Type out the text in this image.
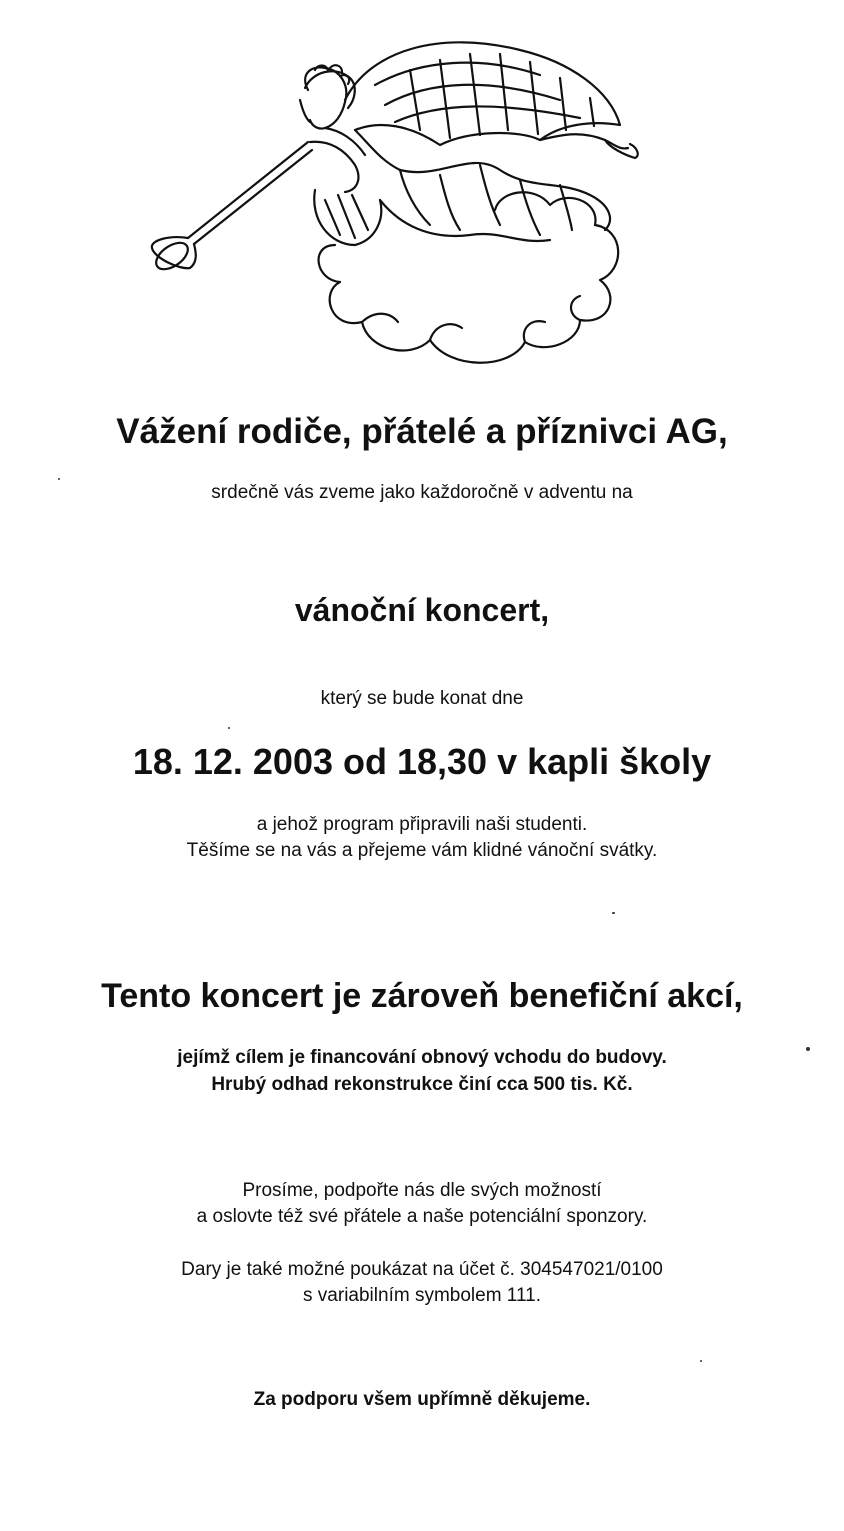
Vážení rodiče, přátelé a příznivci AG,

srdečně vás zveme jako každoročně v adventu na

vánoční koncert,

který se bude konat dne

18. 12. 2003 od 18,30 v kapli školy

a jehož program připravili naši studenti.

Těšíme se na vás a přejeme vám klidné vánoční svátky.

Tento koncert je zároveň benefiční akcí,

jejímž cílem je financování obnový vchodu do budovy.

Hrubý odhad rekonstrukce činí cca 500 tis. Kč.

Prosíme, podpořte nás dle svých možností

a oslovte též své přátele a naše potenciální sponzory.

Dary je také možné poukázat na účet č. 304547021/0100

s variabilním symbolem 111.

Za podporu všem upřímně děkujeme.
